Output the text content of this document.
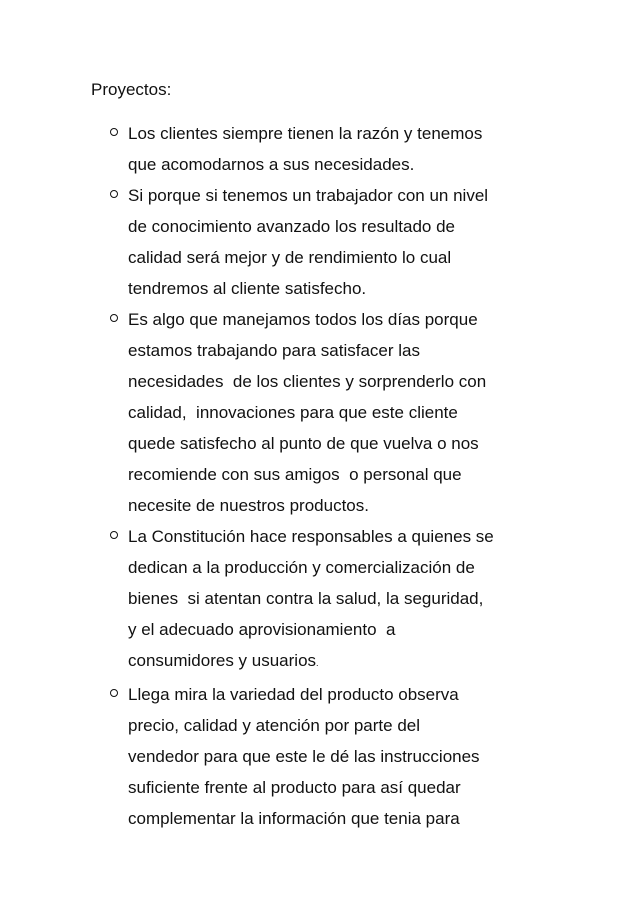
Proyectos:
Los clientes siempre tienen la razón y tenemos
que acomodarnos a sus necesidades.
Si porque si tenemos un trabajador con un nivel
de conocimiento avanzado los resultado de
calidad será mejor y de rendimiento lo cual
tendremos al cliente satisfecho.
Es algo que manejamos todos los días porque
estamos trabajando para satisfacer las
necesidades  de los clientes y sorprenderlo con
calidad,  innovaciones para que este cliente
quede satisfecho al punto de que vuelva o nos
recomiende con sus amigos  o personal que
necesite de nuestros productos.
La Constitución hace responsables a quienes se
dedican a la producción y comercialización de
bienes  si atentan contra la salud, la seguridad,
y el adecuado aprovisionamiento  a
consumidores y usuarios.
Llega mira la variedad del producto observa
precio, calidad y atención por parte del
vendedor para que este le dé las instrucciones
suficiente frente al producto para así quedar
complementar la información que tenia para
